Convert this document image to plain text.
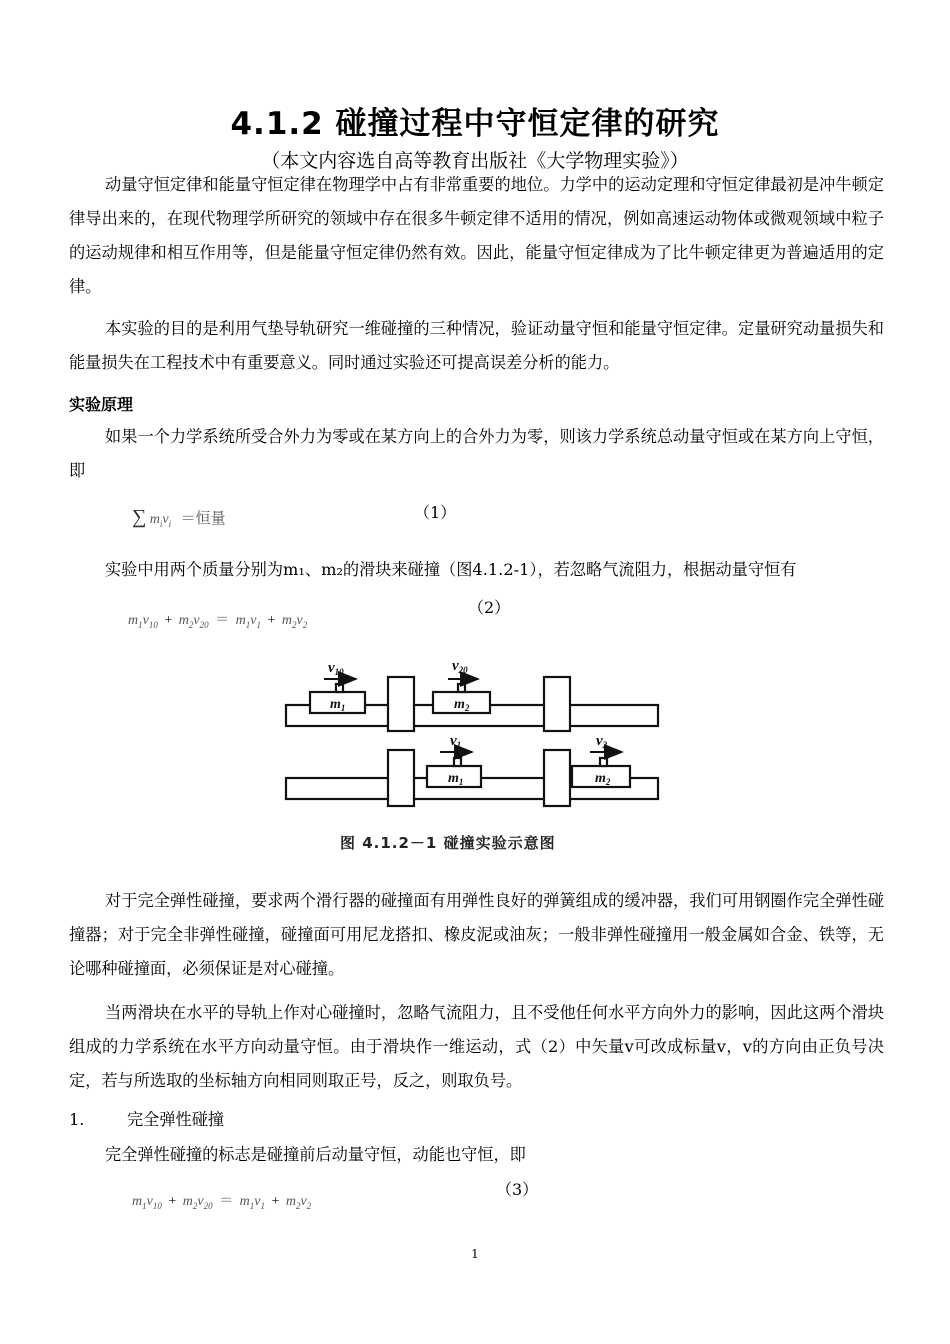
4.1.2 碰撞过程中守恒定律的研究
（本文内容选自高等教育出版社《大学物理实验》）
动量守恒定律和能量守恒定律在物理学中占有非常重要的地位。力学中的运动定理和守恒定律最初是冲牛顿定律导出来的，在现代物理学所研究的领域中存在很多牛顿定律不适用的情况，例如高速运动物体或微观领域中粒子的运动规律和相互作用等，但是能量守恒定律仍然有效。因此，能量守恒定律成为了比牛顿定律更为普遍适用的定律。
本实验的目的是利用气垫导轨研究一维碰撞的三种情况，验证动量守恒和能量守恒定律。定量研究动量损失和能量损失在工程技术中有重要意义。同时通过实验还可提高误差分析的能力。
实验原理
如果一个力学系统所受合外力为零或在某方向上的合外力为零，则该力学系统总动量守恒或在某方向上守恒，即
∑ $m_iv_i$ ＝恒量	（1）
实验中用两个质量分别为m₁、m₂的滑块来碰撞（图4.1.2-1），若忽略气流阻力，根据动量守恒有
$m_1v_{10} + m_2v_{20} = m_1v_1 + m_2v_2$
（2）
$m_1$	$m_2$
$m_1$	$m_2$
$v_{10}$	$v_{20}$
$v_1$	$v_2$
图 4.1.2－1 碰撞实验示意图
对于完全弹性碰撞，要求两个滑行器的碰撞面有用弹性良好的弹簧组成的缓冲器，我们可用钢圈作完全弹性碰撞器；对于完全非弹性碰撞，碰撞面可用尼龙搭扣、橡皮泥或油灰；一般非弹性碰撞用一般金属如合金、铁等，无论哪种碰撞面，必须保证是对心碰撞。
当两滑块在水平的导轨上作对心碰撞时，忽略气流阻力，且不受他任何水平方向外力的影响，因此这两个滑块组成的力学系统在水平方向动量守恒。由于滑块作一维运动，式（2）中矢量v可改成标量v，v的方向由正负号决定，若与所选取的坐标轴方向相同则取正号，反之，则取负号。
1.	完全弹性碰撞
完全弹性碰撞的标志是碰撞前后动量守恒，动能也守恒，即
$m_1v_{10} + m_2v_{20} = m_1v_1 + m_2v_2$
（3）
1
